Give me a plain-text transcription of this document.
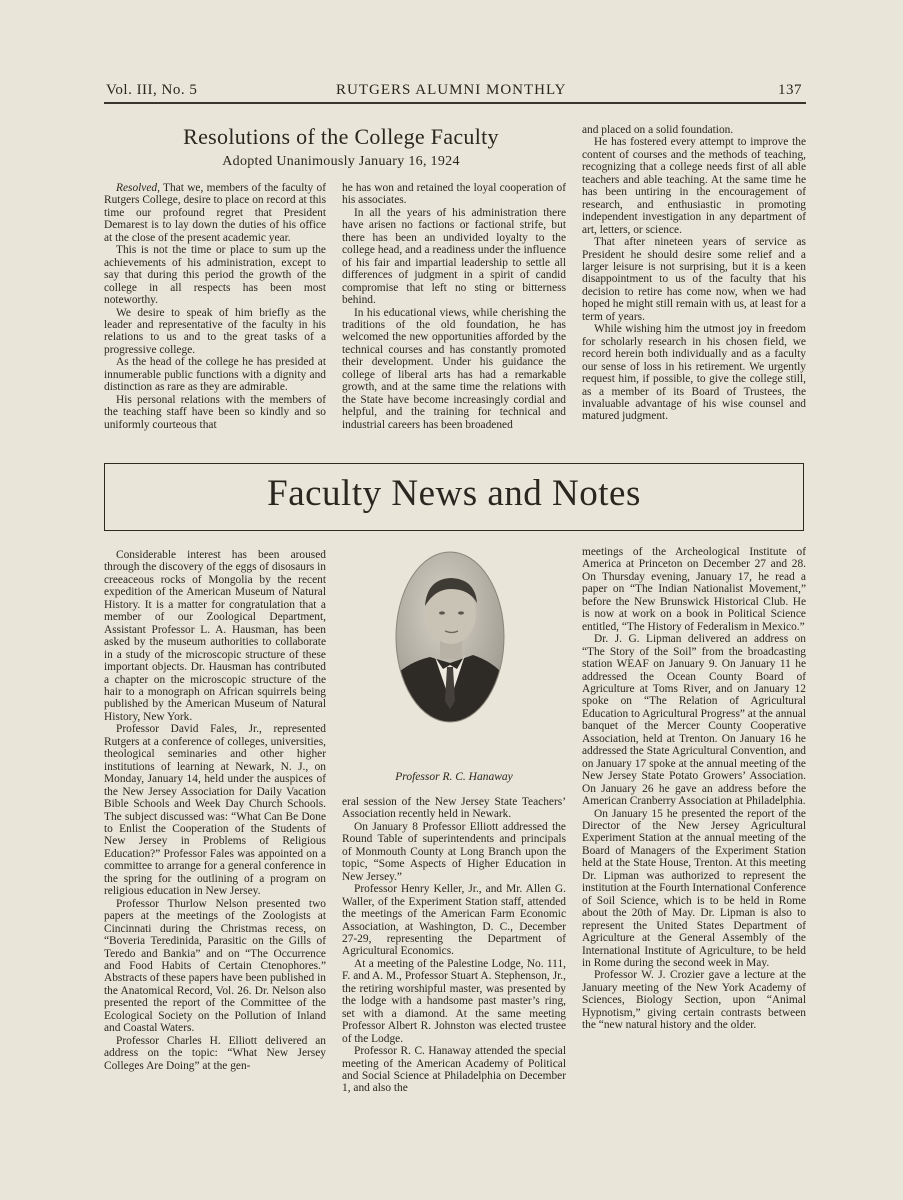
Vol. III, No. 5	RUTGERS ALUMNI MONTHLY	137
Resolutions of the College Faculty
Adopted Unanimously January 16, 1924

Resolved, That we, members of the faculty of Rutgers College, desire to place on record at this time our profound regret that President Demarest is to lay down the duties of his office at the close of the present academic year.

This is not the time or place to sum up the achievements of his administration, except to say that during this period the growth of the college in all respects has been most noteworthy.

We desire to speak of him briefly as the leader and representative of the faculty in his relations to us and to the great tasks of a progressive college.

As the head of the college he has presided at innumerable public functions with a dignity and distinction as rare as they are admirable.

His personal relations with the members of the teaching staff have been so kindly and so uniformly courteous that

he has won and retained the loyal cooperation of his associates.

In all the years of his administration there have arisen no factions or factional strife, but there has been an undivided loyalty to the college head, and a readiness under the influence of his fair and impartial leadership to settle all differences of judgment in a spirit of candid compromise that left no sting or bitterness behind.

In his educational views, while cherishing the traditions of the old foundation, he has welcomed the new opportunities afforded by the technical courses and has constantly promoted their development. Under his guidance the college of liberal arts has had a remarkable growth, and at the same time the relations with the State have become increasingly cordial and helpful, and the training for technical and industrial careers has been broadened

and placed on a solid foundation.

He has fostered every attempt to improve the content of courses and the methods of teaching, recognizing that a college needs first of all able teachers and able teaching. At the same time he has been untiring in the encouragement of research, and enthusiastic in promoting independent investigation in any department of art, letters, or science.

That after nineteen years of service as President he should desire some relief and a larger leisure is not surprising, but it is a keen disappointment to us of the faculty that his decision to retire has come now, when we had hoped he might still remain with us, at least for a term of years.

While wishing him the utmost joy in freedom for scholarly research in his chosen field, we record herein both individually and as a faculty our sense of loss in his retirement. We urgently request him, if possible, to give the college still, as a member of its Board of Trustees, the invaluable advantage of his wise counsel and matured judgment.

Faculty News and Notes

Considerable interest has been aroused through the discovery of the eggs of disosaurs in creeaceous rocks of Mongolia by the recent expedition of the American Museum of Natural History. It is a matter for congratulation that a member of our Zoological Department, Assistant Professor L. A. Hausman, has been asked by the museum authorities to collaborate in a study of the microscopic structure of these important objects. Dr. Hausman has contributed a chapter on the microscopic structure of the hair to a monograph on African squirrels being published by the American Museum of Natural History, New York.

Professor David Fales, Jr., represented Rutgers at a conference of colleges, universities, theological seminaries and other higher institutions of learning at Newark, N. J., on Monday, January 14, held under the auspices of the New Jersey Association for Daily Vacation Bible Schools and Week Day Church Schools. The subject discussed was: “What Can Be Done to Enlist the Cooperation of the Students of New Jersey in Problems of Religious Education?” Professor Fales was appointed on a committee to arrange for a general conference in the spring for the outlining of a program on religious education in New Jersey.

Professor Thurlow Nelson presented two papers at the meetings of the Zoologists at Cincinnati during the Christmas recess, on “Boveria Teredinida, Parasitic on the Gills of Teredo and Bankia” and on “The Occurrence and Food Habits of Certain Ctenophores.” Abstracts of these papers have been published in the Anatomical Record, Vol. 26. Dr. Nelson also presented the report of the Committee of the Ecological Society on the Pollution of Inland and Coastal Waters.

Professor Charles H. Elliott delivered an address on the topic: “What New Jersey Colleges Are Doing” at the gen-

Professor R. C. Hanaway

eral session of the New Jersey State Teachers’ Association recently held in Newark.

On January 8 Professor Elliott addressed the Round Table of superintendents and principals of Monmouth County at Long Branch upon the topic, “Some Aspects of Higher Education in New Jersey.”

Professor Henry Keller, Jr., and Mr. Allen G. Waller, of the Experiment Station staff, attended the meetings of the American Farm Economic Association, at Washington, D. C., December 27-29, representing the Department of Agricultural Economics.

At a meeting of the Palestine Lodge, No. 111, F. and A. M., Professor Stuart A. Stephenson, Jr., the retiring worshipful master, was presented by the lodge with a handsome past master’s ring, set with a diamond. At the same meeting Professor Albert R. Johnston was elected trustee of the Lodge.

Professor R. C. Hanaway attended the special meeting of the American Academy of Political and Social Science at Philadelphia on December 1, and also the

meetings of the Archeological Institute of America at Princeton on December 27 and 28. On Thursday evening, January 17, he read a paper on “The Indian Nationalist Movement,” before the New Brunswick Historical Club. He is now at work on a book in Political Science entitled, “The History of Federalism in Mexico.”

Dr. J. G. Lipman delivered an address on “The Story of the Soil” from the broadcasting station WEAF on January 9. On January 11 he addressed the Ocean County Board of Agriculture at Toms River, and on January 12 spoke on “The Relation of Agricultural Education to Agricultural Progress” at the annual banquet of the Mercer County Cooperative Association, held at Trenton. On January 16 he addressed the State Agricultural Convention, and on January 17 spoke at the annual meeting of the New Jersey State Potato Growers’ Association. On January 26 he gave an address before the American Cranberry Association at Philadelphia.

On January 15 he presented the report of the Director of the New Jersey Agricultural Experiment Station at the annual meeting of the Board of Managers of the Experiment Station held at the State House, Trenton. At this meeting Dr. Lipman was authorized to represent the institution at the Fourth International Conference of Soil Science, which is to be held in Rome about the 20th of May. Dr. Lipman is also to represent the United States Department of Agriculture at the General Assembly of the International Institute of Agriculture, to be held in Rome during the second week in May.

Professor W. J. Crozier gave a lecture at the January meeting of the New York Academy of Sciences, Biology Section, upon “Animal Hypnotism,” giving certain contrasts between the “new natural history and the older.
